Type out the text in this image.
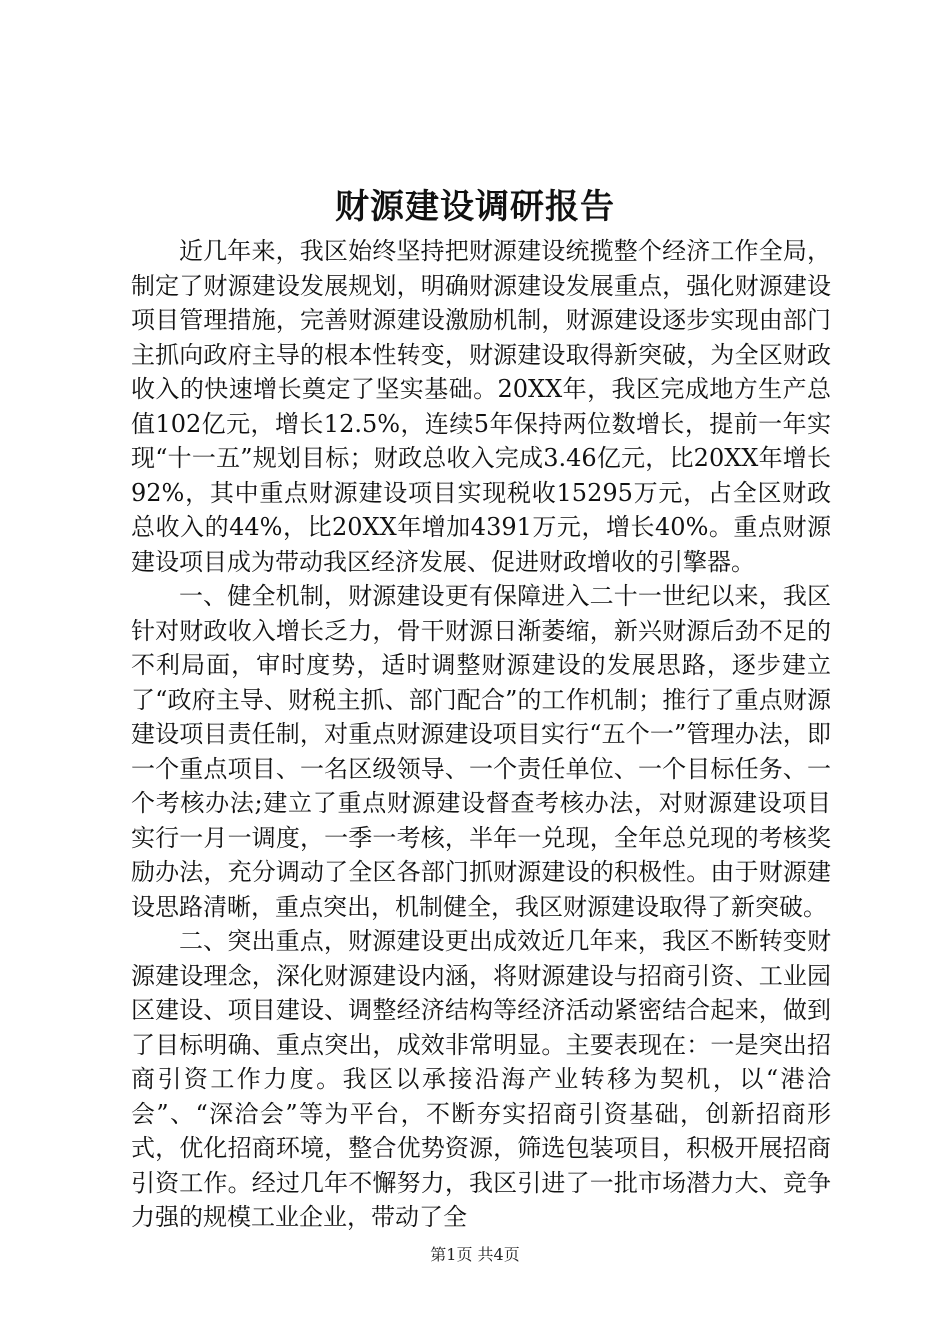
财源建设调研报告

近几年来，我区始终坚持把财源建设统揽整个经济工作全局，制定了财源建设发展规划，明确财源建设发展重点，强化财源建设项目管理措施，完善财源建设激励机制，财源建设逐步实现由部门主抓向政府主导的根本性转变，财源建设取得新突破，为全区财政收入的快速增长奠定了坚实基础。20XX年，我区完成地方生产总值102亿元，增长12.5%，连续5年保持两位数增长，提前一年实现“十一五”规划目标；财政总收入完成3.46亿元，比20XX年增长92%，其中重点财源建设项目实现税收15295万元，占全区财政总收入的44%，比20XX年增加4391万元，增长40%。重点财源建设项目成为带动我区经济发展、促进财政增收的引擎器。

一、健全机制，财源建设更有保障进入二十一世纪以来，我区针对财政收入增长乏力，骨干财源日渐萎缩，新兴财源后劲不足的不利局面，审时度势，适时调整财源建设的发展思路，逐步建立了“政府主导、财税主抓、部门配合”的工作机制；推行了重点财源建设项目责任制，对重点财源建设项目实行“五个一”管理办法，即一个重点项目、一名区级领导、一个责任单位、一个目标任务、一个考核办法;建立了重点财源建设督查考核办法，对财源建设项目实行一月一调度，一季一考核，半年一兑现，全年总兑现的考核奖励办法，充分调动了全区各部门抓财源建设的积极性。由于财源建设思路清晰，重点突出，机制健全，我区财源建设取得了新突破。

二、突出重点，财源建设更出成效近几年来，我区不断转变财源建设理念，深化财源建设内涵，将财源建设与招商引资、工业园区建设、项目建设、调整经济结构等经济活动紧密结合起来，做到了目标明确、重点突出，成效非常明显。主要表现在：一是突出招商引资工作力度。我区以承接沿海产业转移为契机，以“港洽会”、“深洽会”等为平台，不断夯实招商引资基础，创新招商形式，优化招商环境，整合优势资源，筛选包装项目，积极开展招商引资工作。经过几年不懈努力，我区引进了一批市场潜力大、竞争力强的规模工业企业，带动了全

第1页 共4页
